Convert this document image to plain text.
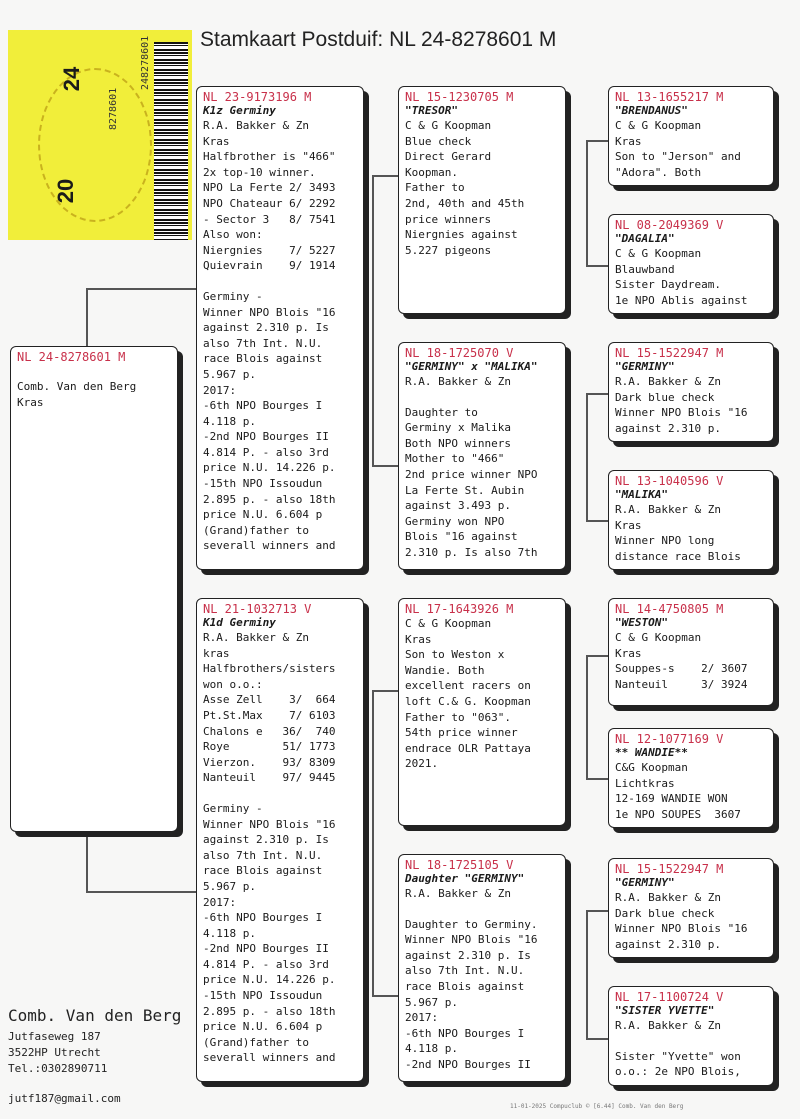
24
20
8278601
248278601 Stamkaart Postduif: NL 24-8278601 M
NL 24-8278601 M
Comb. Van den Berg
Kras
NL 23-9173196 M
K1z Germiny
R.A. Bakker & Zn
Kras
Halfbrother is "466"
2x top-10 winner.
NPO La Ferte 2/ 3493
NPO Chateaur 6/ 2292
- Sector 3   8/ 7541
Also won:
Niergnies    7/ 5227
Quievrain    9/ 1914
Germiny -
Winner NPO Blois "16
against 2.310 p. Is
also 7th Int. N.U.
race Blois against
5.967 p.
2017:
-6th NPO Bourges I
4.118 p.
-2nd NPO Bourges II
4.814 P. - also 3rd
price N.U. 14.226 p.
-15th NPO Issoudun
2.895 p. - also 18th
price N.U. 6.604 p
(Grand)father to
severall winners and
NL 21-1032713 V
K1d Germiny
R.A. Bakker & Zn
kras
Halfbrothers/sisters
won o.o.:
Asse Zell    3/  664
Pt.St.Max    7/ 6103
Chalons e   36/  740
Roye        51/ 1773
Vierzon.    93/ 8309
Nanteuil    97/ 9445
Germiny -
Winner NPO Blois "16
against 2.310 p. Is
also 7th Int. N.U.
race Blois against
5.967 p.
2017:
-6th NPO Bourges I
4.118 p.
-2nd NPO Bourges II
4.814 P. - also 3rd
price N.U. 14.226 p.
-15th NPO Issoudun
2.895 p. - also 18th
price N.U. 6.604 p
(Grand)father to
severall winners and
NL 15-1230705 M
"TRESOR"
C & G Koopman
Blue check
Direct Gerard
Koopman.
Father to
2nd, 40th and 45th
price winners
Niergnies against
5.227 pigeons
NL 18-1725070 V
"GERMINY" x "MALIKA"
R.A. Bakker & Zn
Daughter to
Germiny x Malika
Both NPO winners
Mother to "466"
2nd price winner NPO
La Ferte St. Aubin
against 3.493 p.
Germiny won NPO
Blois "16 against
2.310 p. Is also 7th
NL 17-1643926 M
C & G Koopman
Kras
Son to Weston x
Wandie. Both
excellent racers on
loft C.& G. Koopman
Father to "063".
54th price winner
endrace OLR Pattaya
2021.
NL 18-1725105 V
Daughter "GERMINY"
R.A. Bakker & Zn
Daughter to Germiny.
Winner NPO Blois "16
against 2.310 p. Is
also 7th Int. N.U.
race Blois against
5.967 p.
2017:
-6th NPO Bourges I
4.118 p.
-2nd NPO Bourges II
NL 13-1655217 M
"BRENDANUS"
C & G Koopman
Kras
Son to "Jerson" and
"Adora". Both
NL 08-2049369 V
"DAGALIA"
C & G Koopman
Blauwband
Sister Daydream.
1e NPO Ablis against
NL 15-1522947 M
"GERMINY"
R.A. Bakker & Zn
Dark blue check
Winner NPO Blois "16
against 2.310 p.
NL 13-1040596 V
"MALIKA"
R.A. Bakker & Zn
Kras
Winner NPO long
distance race Blois
NL 14-4750805 M
"WESTON"
C & G Koopman
Kras
Souppes-s    2/ 3607
Nanteuil     3/ 3924
NL 12-1077169 V
** WANDIE**
C&G Koopman
Lichtkras
12-169 WANDIE WON
1e NPO SOUPES  3607
NL 15-1522947 M
"GERMINY"
R.A. Bakker & Zn
Dark blue check
Winner NPO Blois "16
against 2.310 p.
NL 17-1100724 V
"SISTER YVETTE"
R.A. Bakker & Zn
Sister "Yvette" won
o.o.: 2e NPO Blois,
Comb. Van den Berg
Jutfaseweg 187
3522HP Utrecht
Tel.:0302890711
jutf187@gmail.com
11-01-2025 Compuclub © [6.44] Comb. Van den Berg
